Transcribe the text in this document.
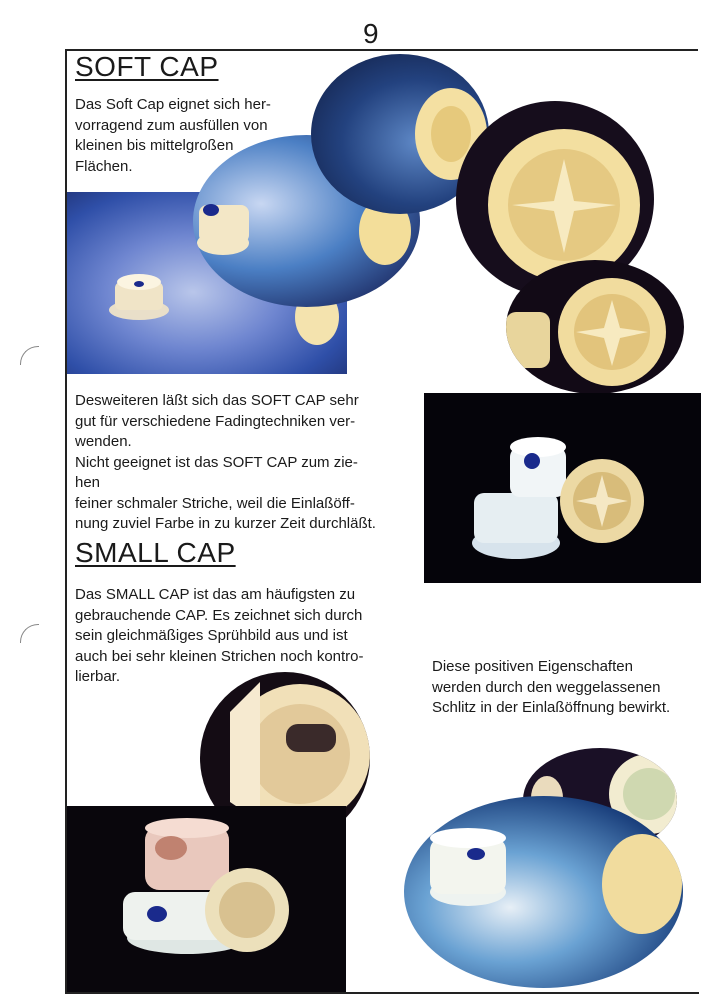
9
SOFT CAP
Das Soft Cap eignet sich her-
vorragend zum ausfüllen von
kleinen bis mittelgroßen
Flächen.
Desweiteren läßt sich das SOFT CAP sehr
gut für verschiedene Fadingtechniken ver-
wenden.
Nicht geeignet ist das SOFT CAP zum zie-
hen
feiner schmaler Striche, weil die Einlaßöff-
nung zuviel Farbe in zu kurzer Zeit durchläßt.
SMALL CAP
Das SMALL CAP ist das am häufigsten zu
gebrauchende CAP. Es zeichnet sich durch
sein gleichmäßiges Sprühbild aus und ist
auch bei sehr kleinen Strichen noch kontro-
lierbar.
Diese positiven Eigenschaften
werden durch den weggelassenen
Schlitz in der Einlaßöffnung bewirkt.
